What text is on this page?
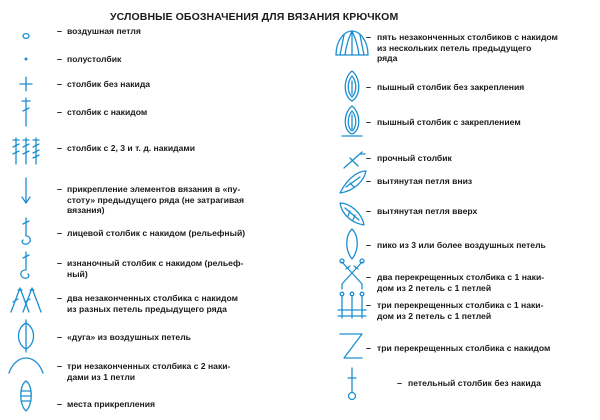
УСЛОВНЫЕ ОБОЗНАЧЕНИЯ ДЛЯ ВЯЗАНИЯ КРЮЧКОМ
– воздушная петля
– полустолбик
– столбик без накида
– столбик с накидом
– столбик с 2, 3 и т. д. накидами
– прикрепление элементов вязания в «пу-
стоту» предыдущего ряда (не затрагивая
вязания)
– лицевой столбик с накидом (рельефный)
– изнаночный столбик с накидом (рельеф-
ный)
– два незаконченных столбика с накидом
из разных петель предыдущего ряда
– «дуга» из воздушных петель
– три незаконченных столбика с 2 наки-
дами из 1 петли
– места прикрепления
– пять незаконченных столбиков с накидом
из нескольких петель предыдущего
ряда
– пышный столбик без закрепления
– пышный столбик с закреплением
– прочный столбик
– вытянутая петля вниз
– вытянутая петля вверх
– пико из 3 или более воздушных петель
– два перекрещенных столбика с 1 наки-
дом из 2 петель с 1 петлей
– три перекрещенных столбика с 1 наки-
дом из 2 петель с 1 петлей
– три перекрещенных столбика с накидом
– петельный столбик без накида
